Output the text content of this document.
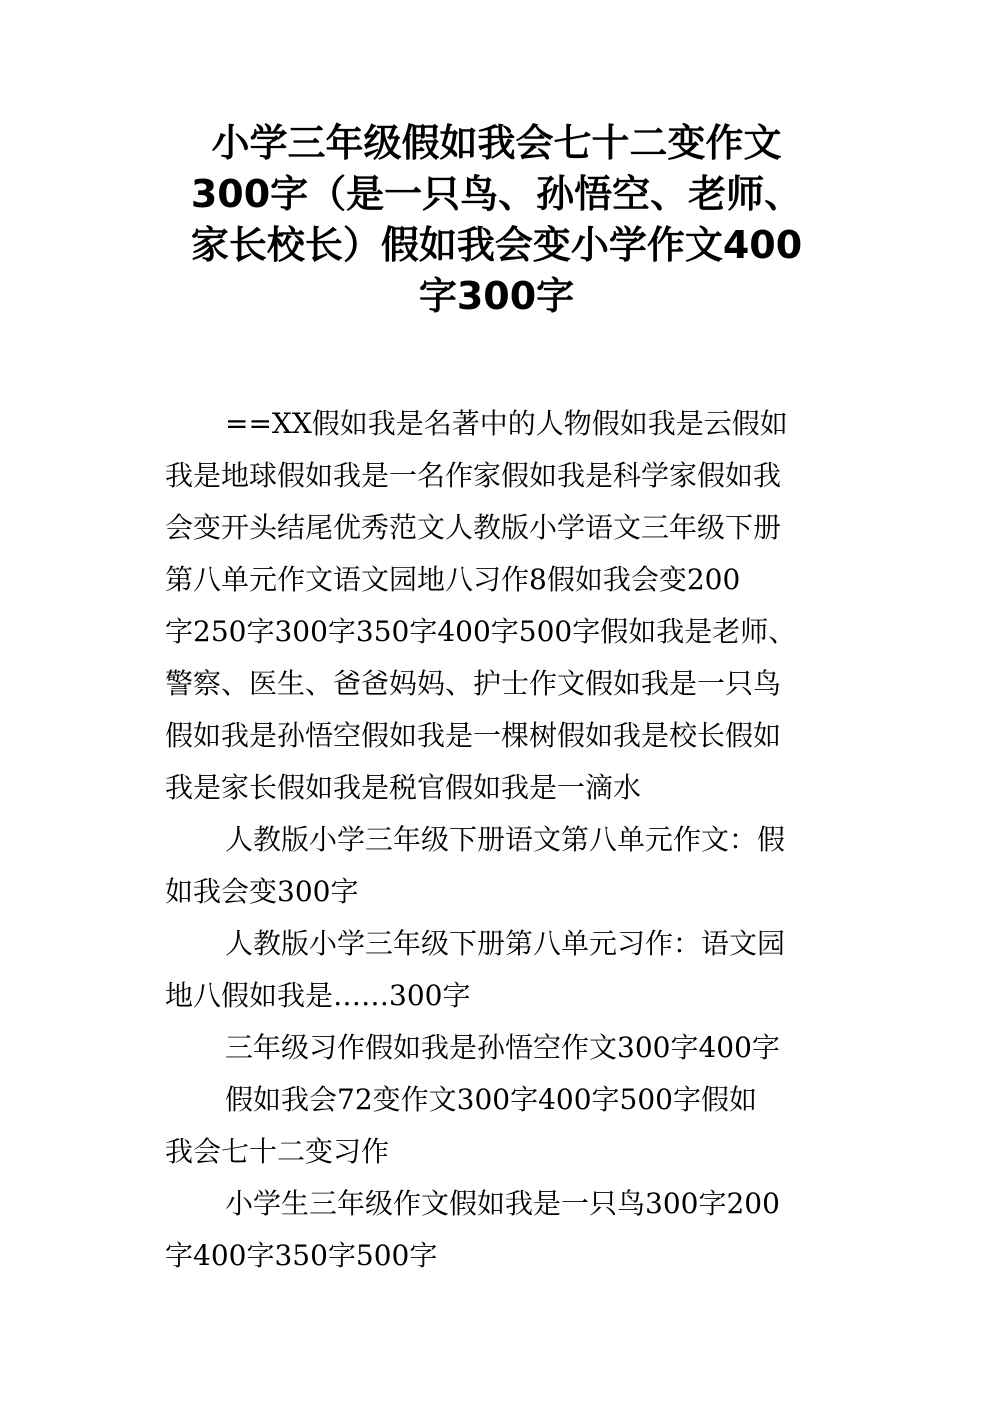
小学三年级假如我会七十二变作文
300字（是一只鸟、孙悟空、老师、
家长校长）假如我会变小学作文400
字300字

==XX假如我是名著中的人物假如我是云假如
我是地球假如我是一名作家假如我是科学家假如我
会变开头结尾优秀范文人教版小学语文三年级下册
第八单元作文语文园地八习作8假如我会变200
字250字300字350字400字500字假如我是老师、
警察、医生、爸爸妈妈、护士作文假如我是一只鸟
假如我是孙悟空假如我是一棵树假如我是校长假如
我是家长假如我是税官假如我是一滴水

人教版小学三年级下册语文第八单元作文：假
如我会变300字

人教版小学三年级下册第八单元习作：语文园
地八假如我是……300字

三年级习作假如我是孙悟空作文300字400字

假如我会72变作文300字400字500字假如
我会七十二变习作

小学生三年级作文假如我是一只鸟300字200
字400字350字500字
